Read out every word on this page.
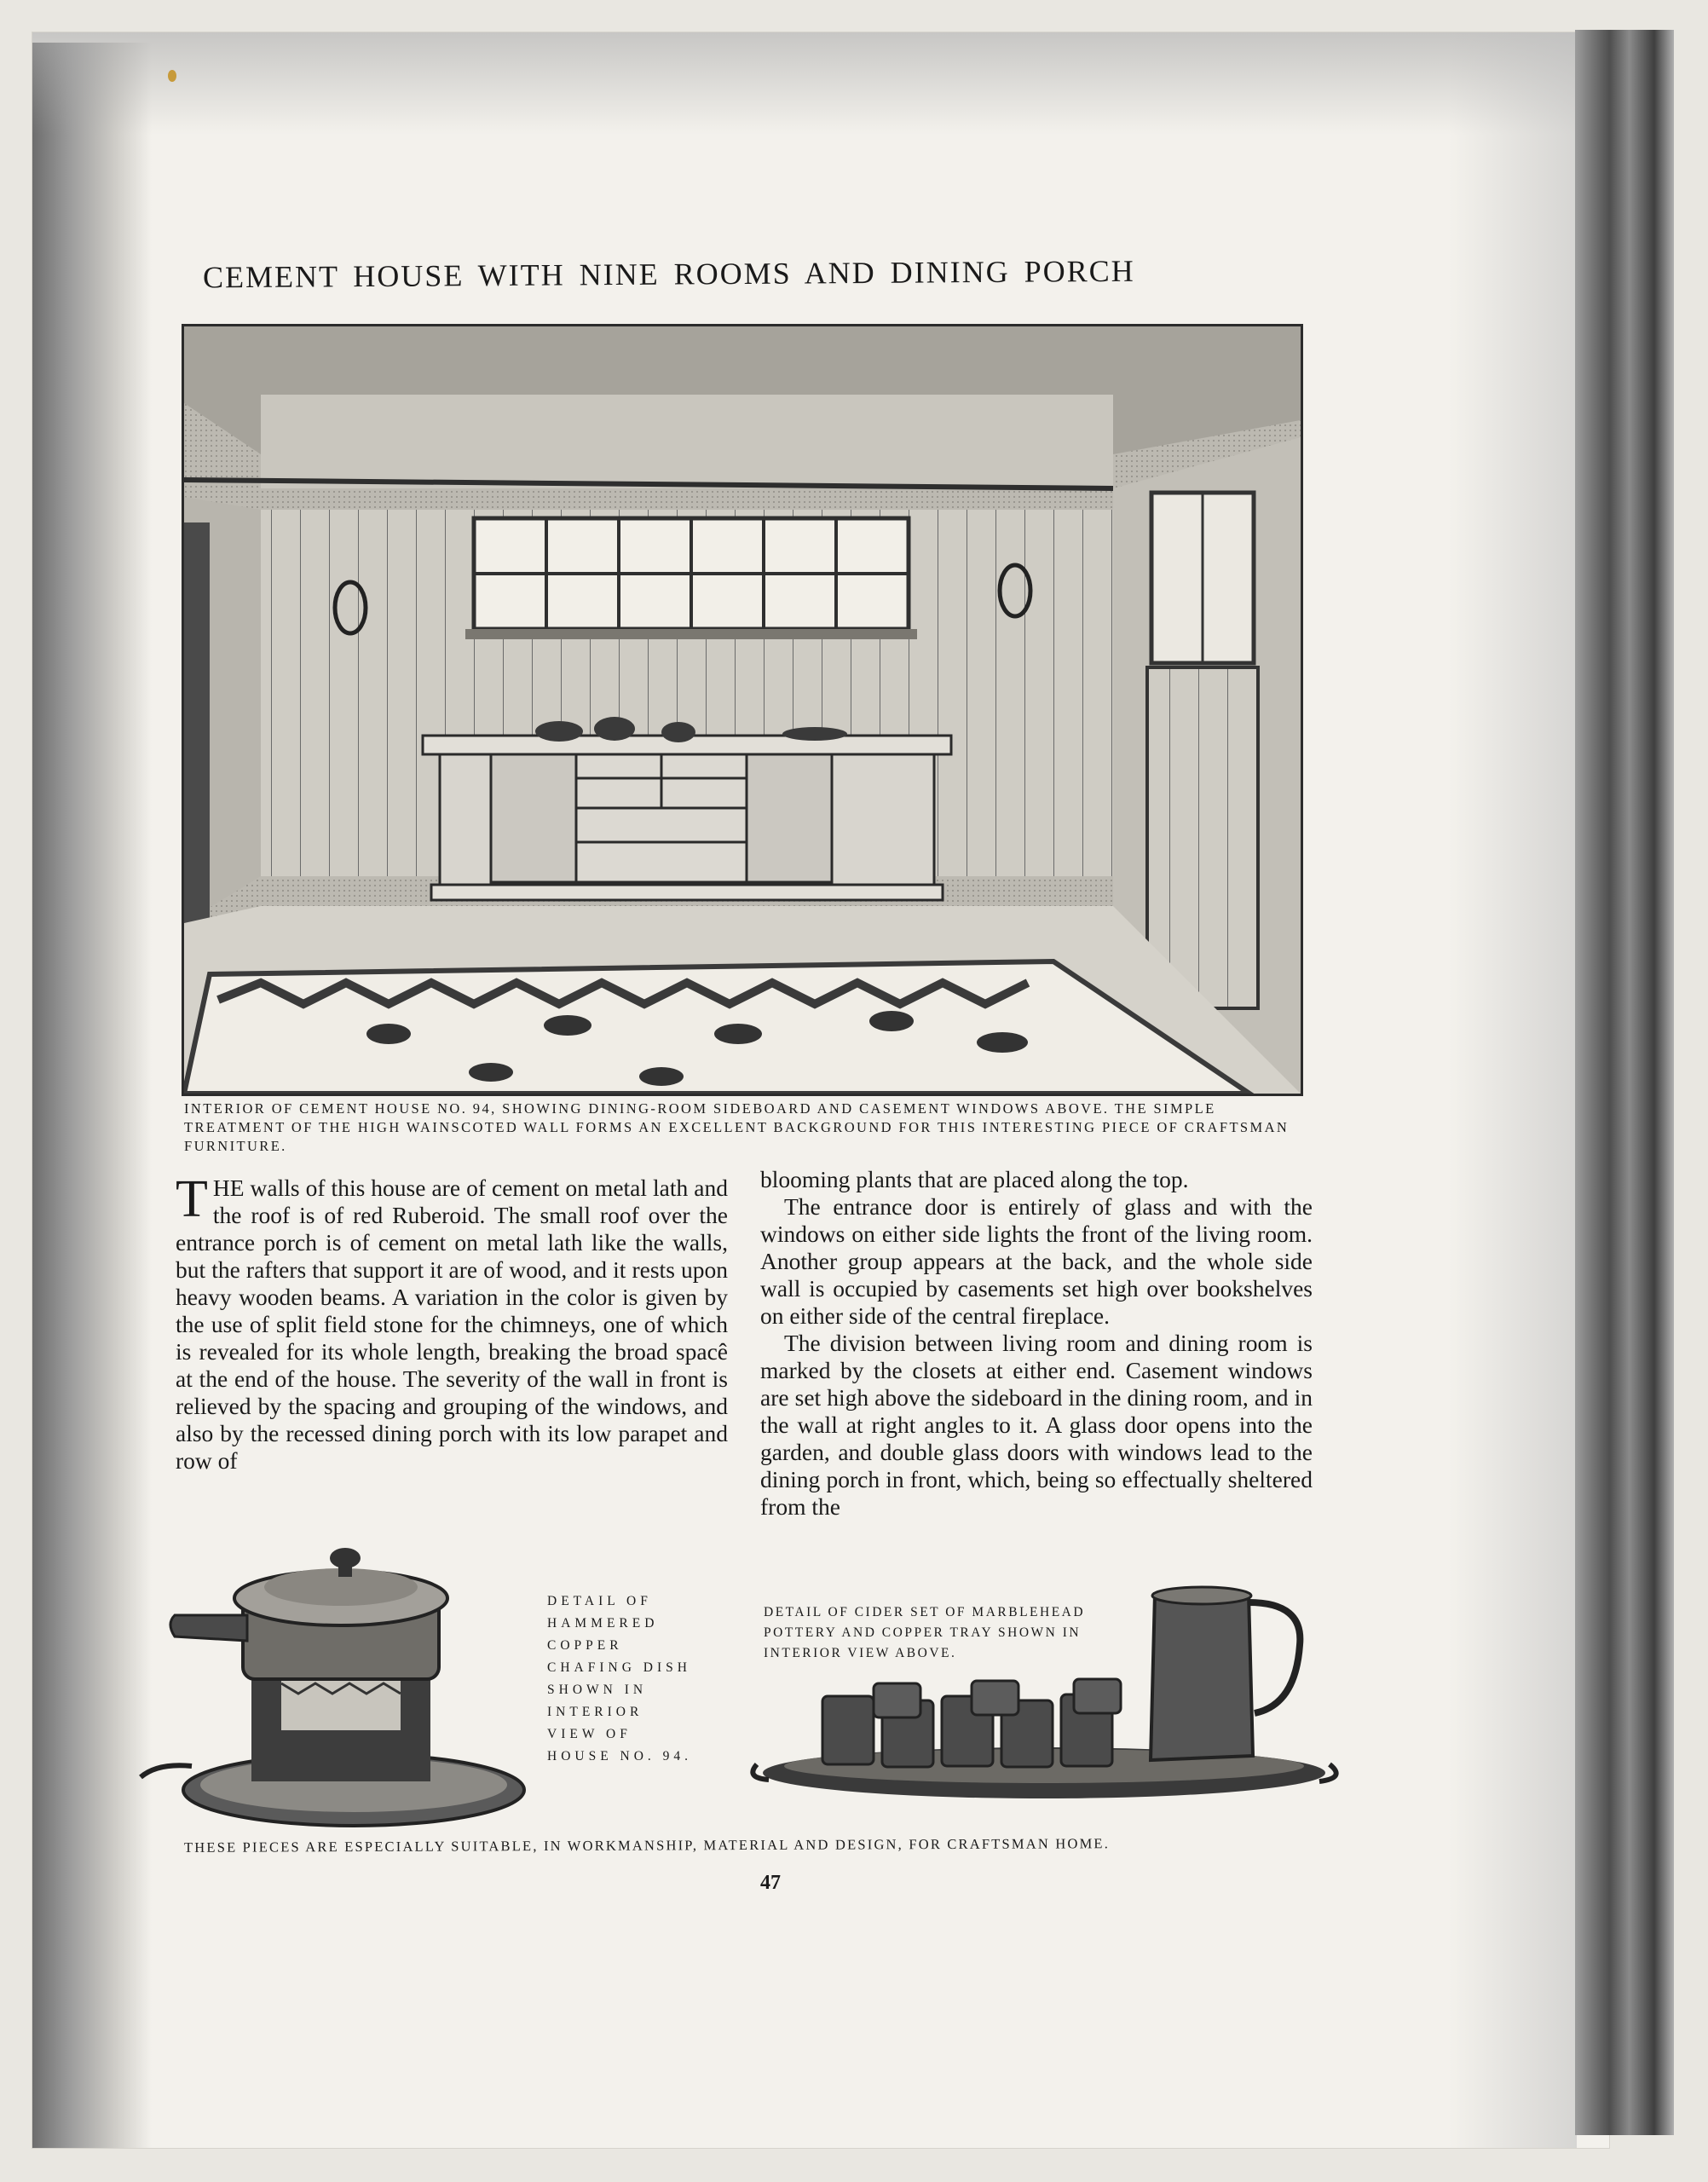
CEMENT HOUSE WITH NINE ROOMS AND DINING PORCH
INTERIOR OF CEMENT HOUSE NO. 94, SHOWING DINING-ROOM SIDEBOARD AND CASEMENT WINDOWS ABOVE. THE SIMPLE TREATMENT OF THE HIGH WAINSCOTED WALL FORMS AN EXCELLENT BACKGROUND FOR THIS INTERESTING PIECE OF CRAFTSMAN FURNITURE.

THE walls of this house are of cement on metal lath and the roof is of red Ruberoid. The small roof over the entrance porch is of cement on metal lath like the walls, but the rafters that support it are of wood, and it rests upon heavy wooden beams. A variation in the color is given by the use of split field stone for the chimneys, one of which is revealed for its whole length, breaking the broad spacê at the end of the house. The severity of the wall in front is relieved by the spacing and grouping of the windows, and also by the recessed dining porch with its low parapet and row of

blooming plants that are placed along the top.

The entrance door is entirely of glass and with the windows on either side lights the front of the living room. Another group appears at the back, and the whole side wall is occupied by casements set high over bookshelves on either side of the central fireplace.

The division between living room and dining room is marked by the closets at either end. Casement windows are set high above the sideboard in the dining room, and in the wall at right angles to it. A glass door opens into the garden, and double glass doors with windows lead to the dining porch in front, which, being so effectually sheltered from the

DETAIL OF HAMMERED COPPER CHAFING DISH SHOWN IN INTERIOR VIEW OF HOUSE NO. 94.
DETAIL OF CIDER SET OF MARBLEHEAD POTTERY AND COPPER TRAY SHOWN IN INTERIOR VIEW ABOVE.
THESE PIECES ARE ESPECIALLY SUITABLE, IN WORKMANSHIP, MATERIAL AND DESIGN, FOR CRAFTSMAN HOME.
47
